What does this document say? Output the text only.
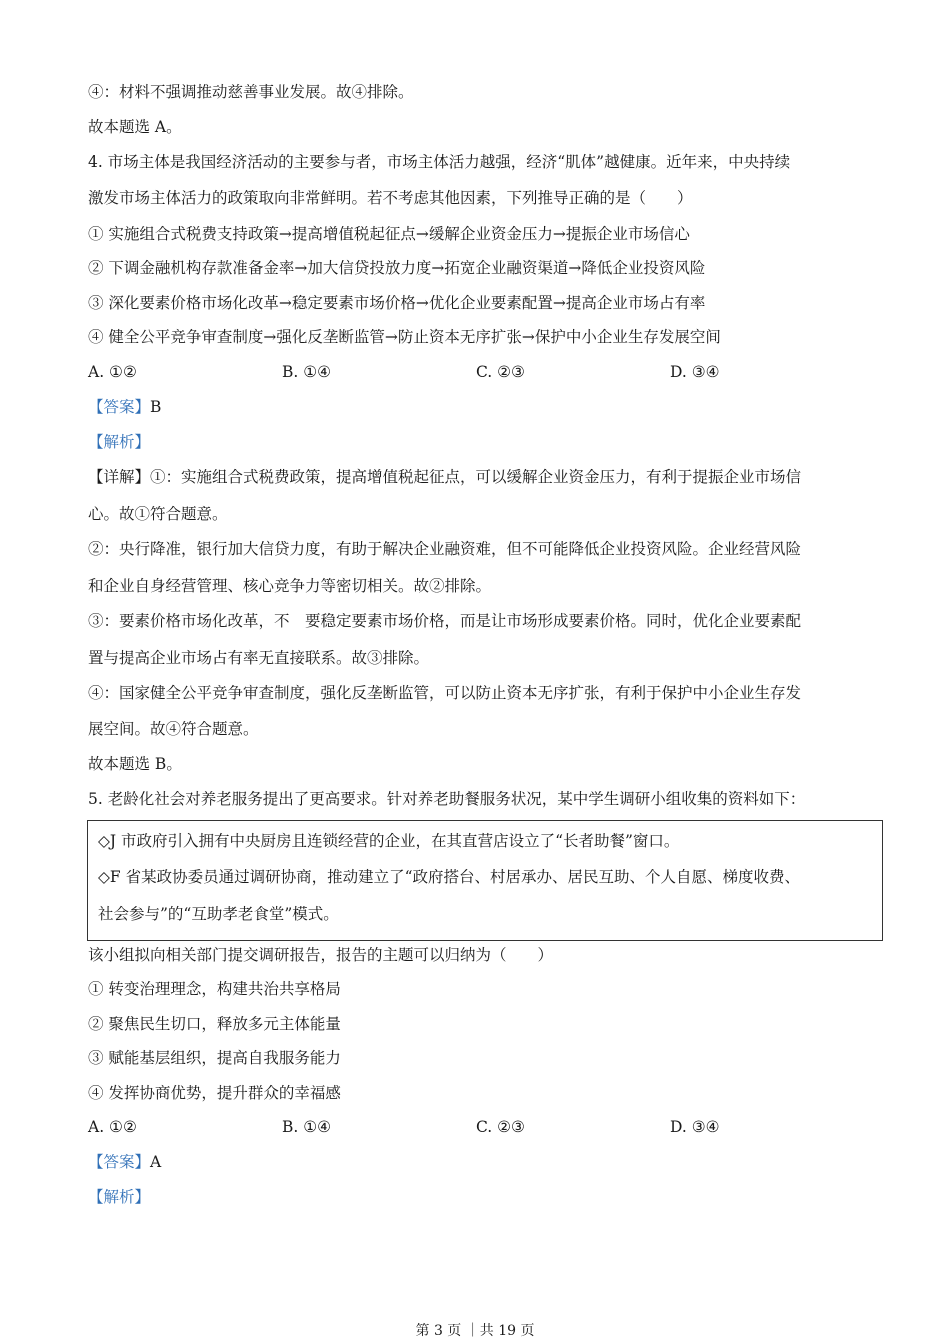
④：材料不强调推动慈善事业发展。故④排除。
故本题选 A。
4. 市场主体是我国经济活动的主要参与者，市场主体活力越强，经济“肌体”越健康。近年来，中央持续
激发市场主体活力的政策取向非常鲜明。若不考虑其他因素，下列推导正确的是（　　）
① 实施组合式税费支持政策→提高增值税起征点→缓解企业资金压力→提振企业市场信心
② 下调金融机构存款准备金率→加大信贷投放力度→拓宽企业融资渠道→降低企业投资风险
③ 深化要素价格市场化改革→稳定要素市场价格→优化企业要素配置→提高企业市场占有率
④ 健全公平竞争审查制度→强化反垄断监管→防止资本无序扩张→保护中小企业生存发展空间
A. ①②	B. ①④	C. ②③	D. ③④
【答案】B
【解析】
【详解】①：实施组合式税费政策，提高增值税起征点，可以缓解企业资金压力，有利于提振企业市场信
心。故①符合题意。
②：央行降准，银行加大信贷力度，有助于解决企业融资难，但不可能降低企业投资风险。企业经营风险
和企业自身经营管理、核心竞争力等密切相关。故②排除。
③：要素价格市场化改革，不　要稳定要素市场价格，而是让市场形成要素价格。同时，优化企业要素配
置与提高企业市场占有率无直接联系。故③排除。
④：国家健全公平竞争审查制度，强化反垄断监管，可以防止资本无序扩张，有利于保护中小企业生存发
展空间。故④符合题意。
故本题选 B。
5. 老龄化社会对养老服务提出了更高要求。针对养老助餐服务状况，某中学生调研小组收集的资料如下：
◇J 市政府引入拥有中央厨房且连锁经营的企业，在其直营店设立了“长者助餐”窗口。
◇F 省某政协委员通过调研协商，推动建立了“政府搭台、村居承办、居民互助、个人自愿、梯度收费、
社会参与”的“互助孝老食堂”模式。
该小组拟向相关部门提交调研报告，报告的主题可以归纳为（　　）
① 转变治理理念，构建共治共享格局
② 聚焦民生切口，释放多元主体能量
③ 赋能基层组织，提高自我服务能力
④ 发挥协商优势，提升群众的幸福感
A. ①②	B. ①④	C. ②③	D. ③④
【答案】A
【解析】
第 3 页 ｜共 19 页
